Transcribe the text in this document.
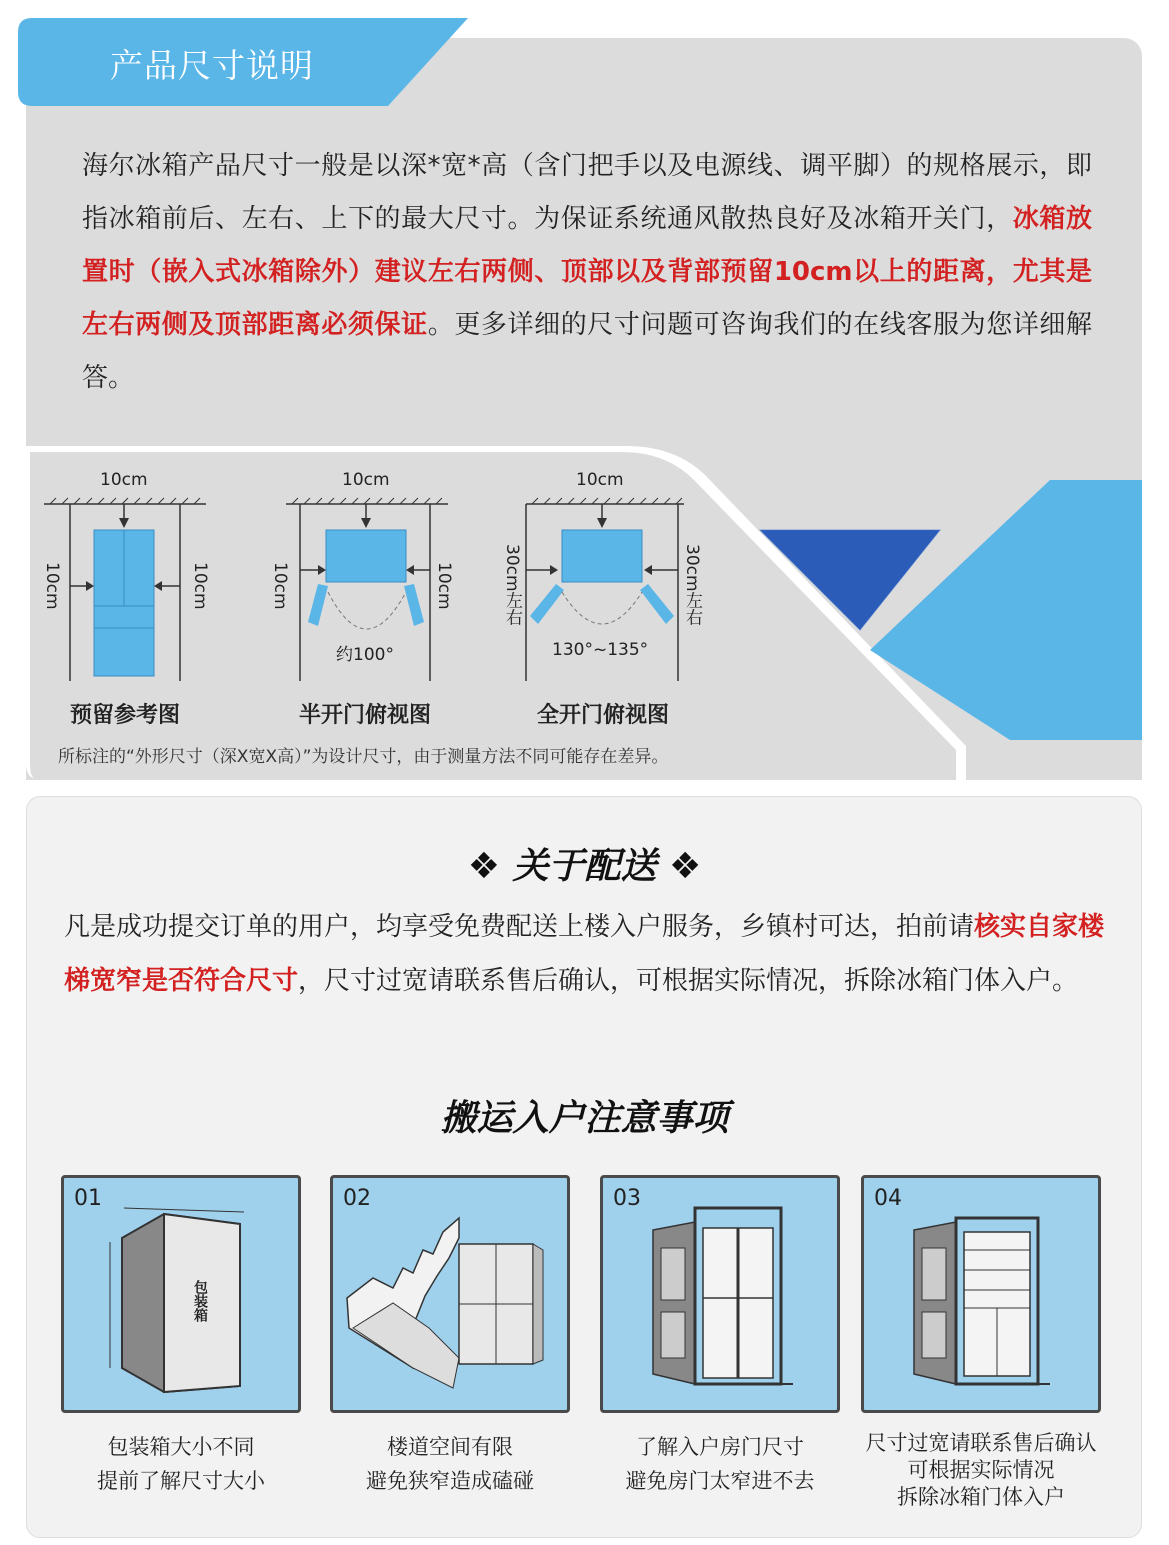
产品尺寸说明
海尔冰箱产品尺寸一般是以深*宽*高（含门把手以及电源线、调平脚）的规格展示，即指冰箱前后、左右、上下的最大尺寸。为保证系统通风散热良好及冰箱开关门，冰箱放置时（嵌入式冰箱除外）建议左右两侧、顶部以及背部预留10cm以上的距离，尤其是左右两侧及顶部距离必须保证。更多详细的尺寸问题可咨询我们的在线客服为您详细解答。
10cm
10cm	10cm
预留参考图
10cm
10cm	10cm
约100°
半开门俯视图
10cm
30cm左右	30cm左右
130°~135°
全开门俯视图
所标注的“外形尺寸（深X宽X高）”为设计尺寸，由于测量方法不同可能存在差异。
❖ 关于配送 ❖
凡是成功提交订单的用户，均享受免费配送上楼入户服务，乡镇村可达，拍前请核实自家楼梯宽窄是否符合尺寸，尺寸过宽请联系售后确认，可根据实际情况，拆除冰箱门体入户。
搬运入户注意事项
包装箱
01
包装箱大小不同
提前了解尺寸大小
02
楼道空间有限
避免狭窄造成磕碰
03
了解入户房门尺寸
避免房门太窄进不去
04
尺寸过宽请联系售后确认
可根据实际情况
拆除冰箱门体入户
